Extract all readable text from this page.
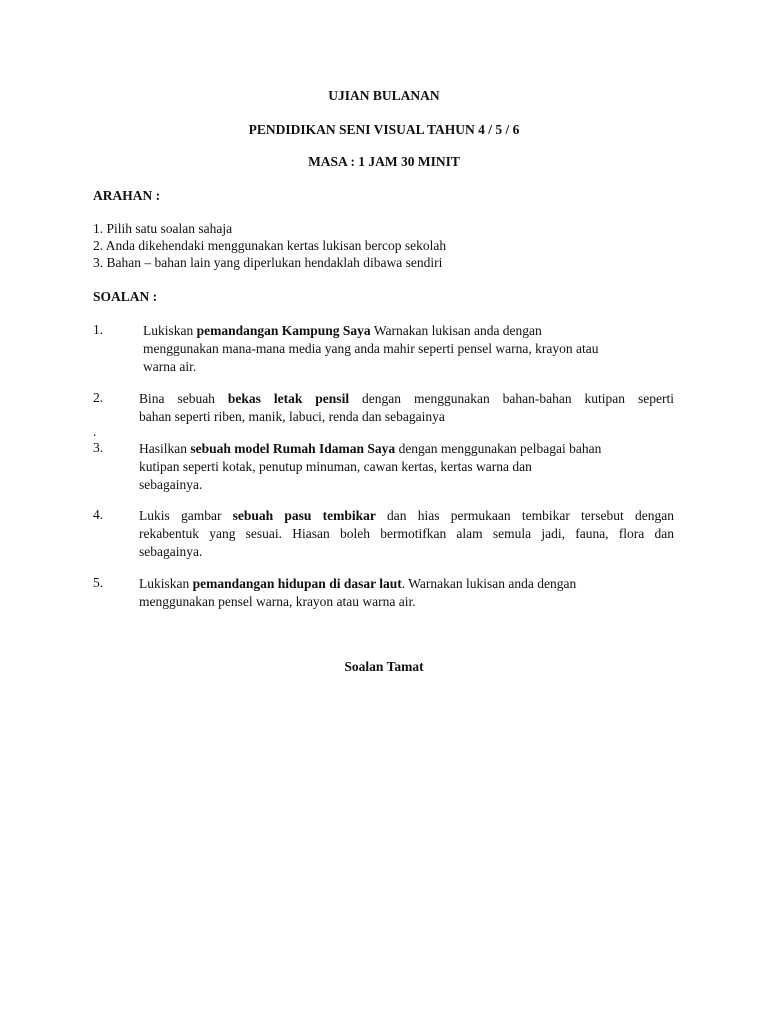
UJIAN BULANAN
PENDIDIKAN SENI VISUAL TAHUN 4 / 5 / 6
MASA : 1 JAM 30 MINIT
ARAHAN :
1. Pilih satu soalan sahaja
2. Anda dikehendaki menggunakan kertas lukisan bercop sekolah
3. Bahan – bahan lain yang diperlukan hendaklah dibawa sendiri
SOALAN :
1.	Lukiskan pemandangan Kampung Saya Warnakan lukisan anda dengan
menggunakan mana-mana media yang anda mahir seperti pensel warna, krayon atau
warna air.
2.	Bina sebuah bekas letak pensil dengan menggunakan bahan-bahan kutipan seperti
bahan seperti riben, manik, labuci, renda dan sebagainya
.
3.	Hasilkan sebuah model Rumah Idaman Saya dengan menggunakan pelbagai bahan
kutipan seperti kotak, penutup minuman, cawan kertas, kertas warna dan
sebagainya.
4.	Lukis gambar sebuah pasu tembikar dan hias permukaan tembikar tersebut dengan
rekabentuk yang sesuai. Hiasan boleh bermotifkan alam semula jadi, fauna, flora dan
sebagainya.
5.	Lukiskan pemandangan hidupan di dasar laut. Warnakan lukisan anda dengan
menggunakan pensel warna, krayon atau warna air.
Soalan Tamat
